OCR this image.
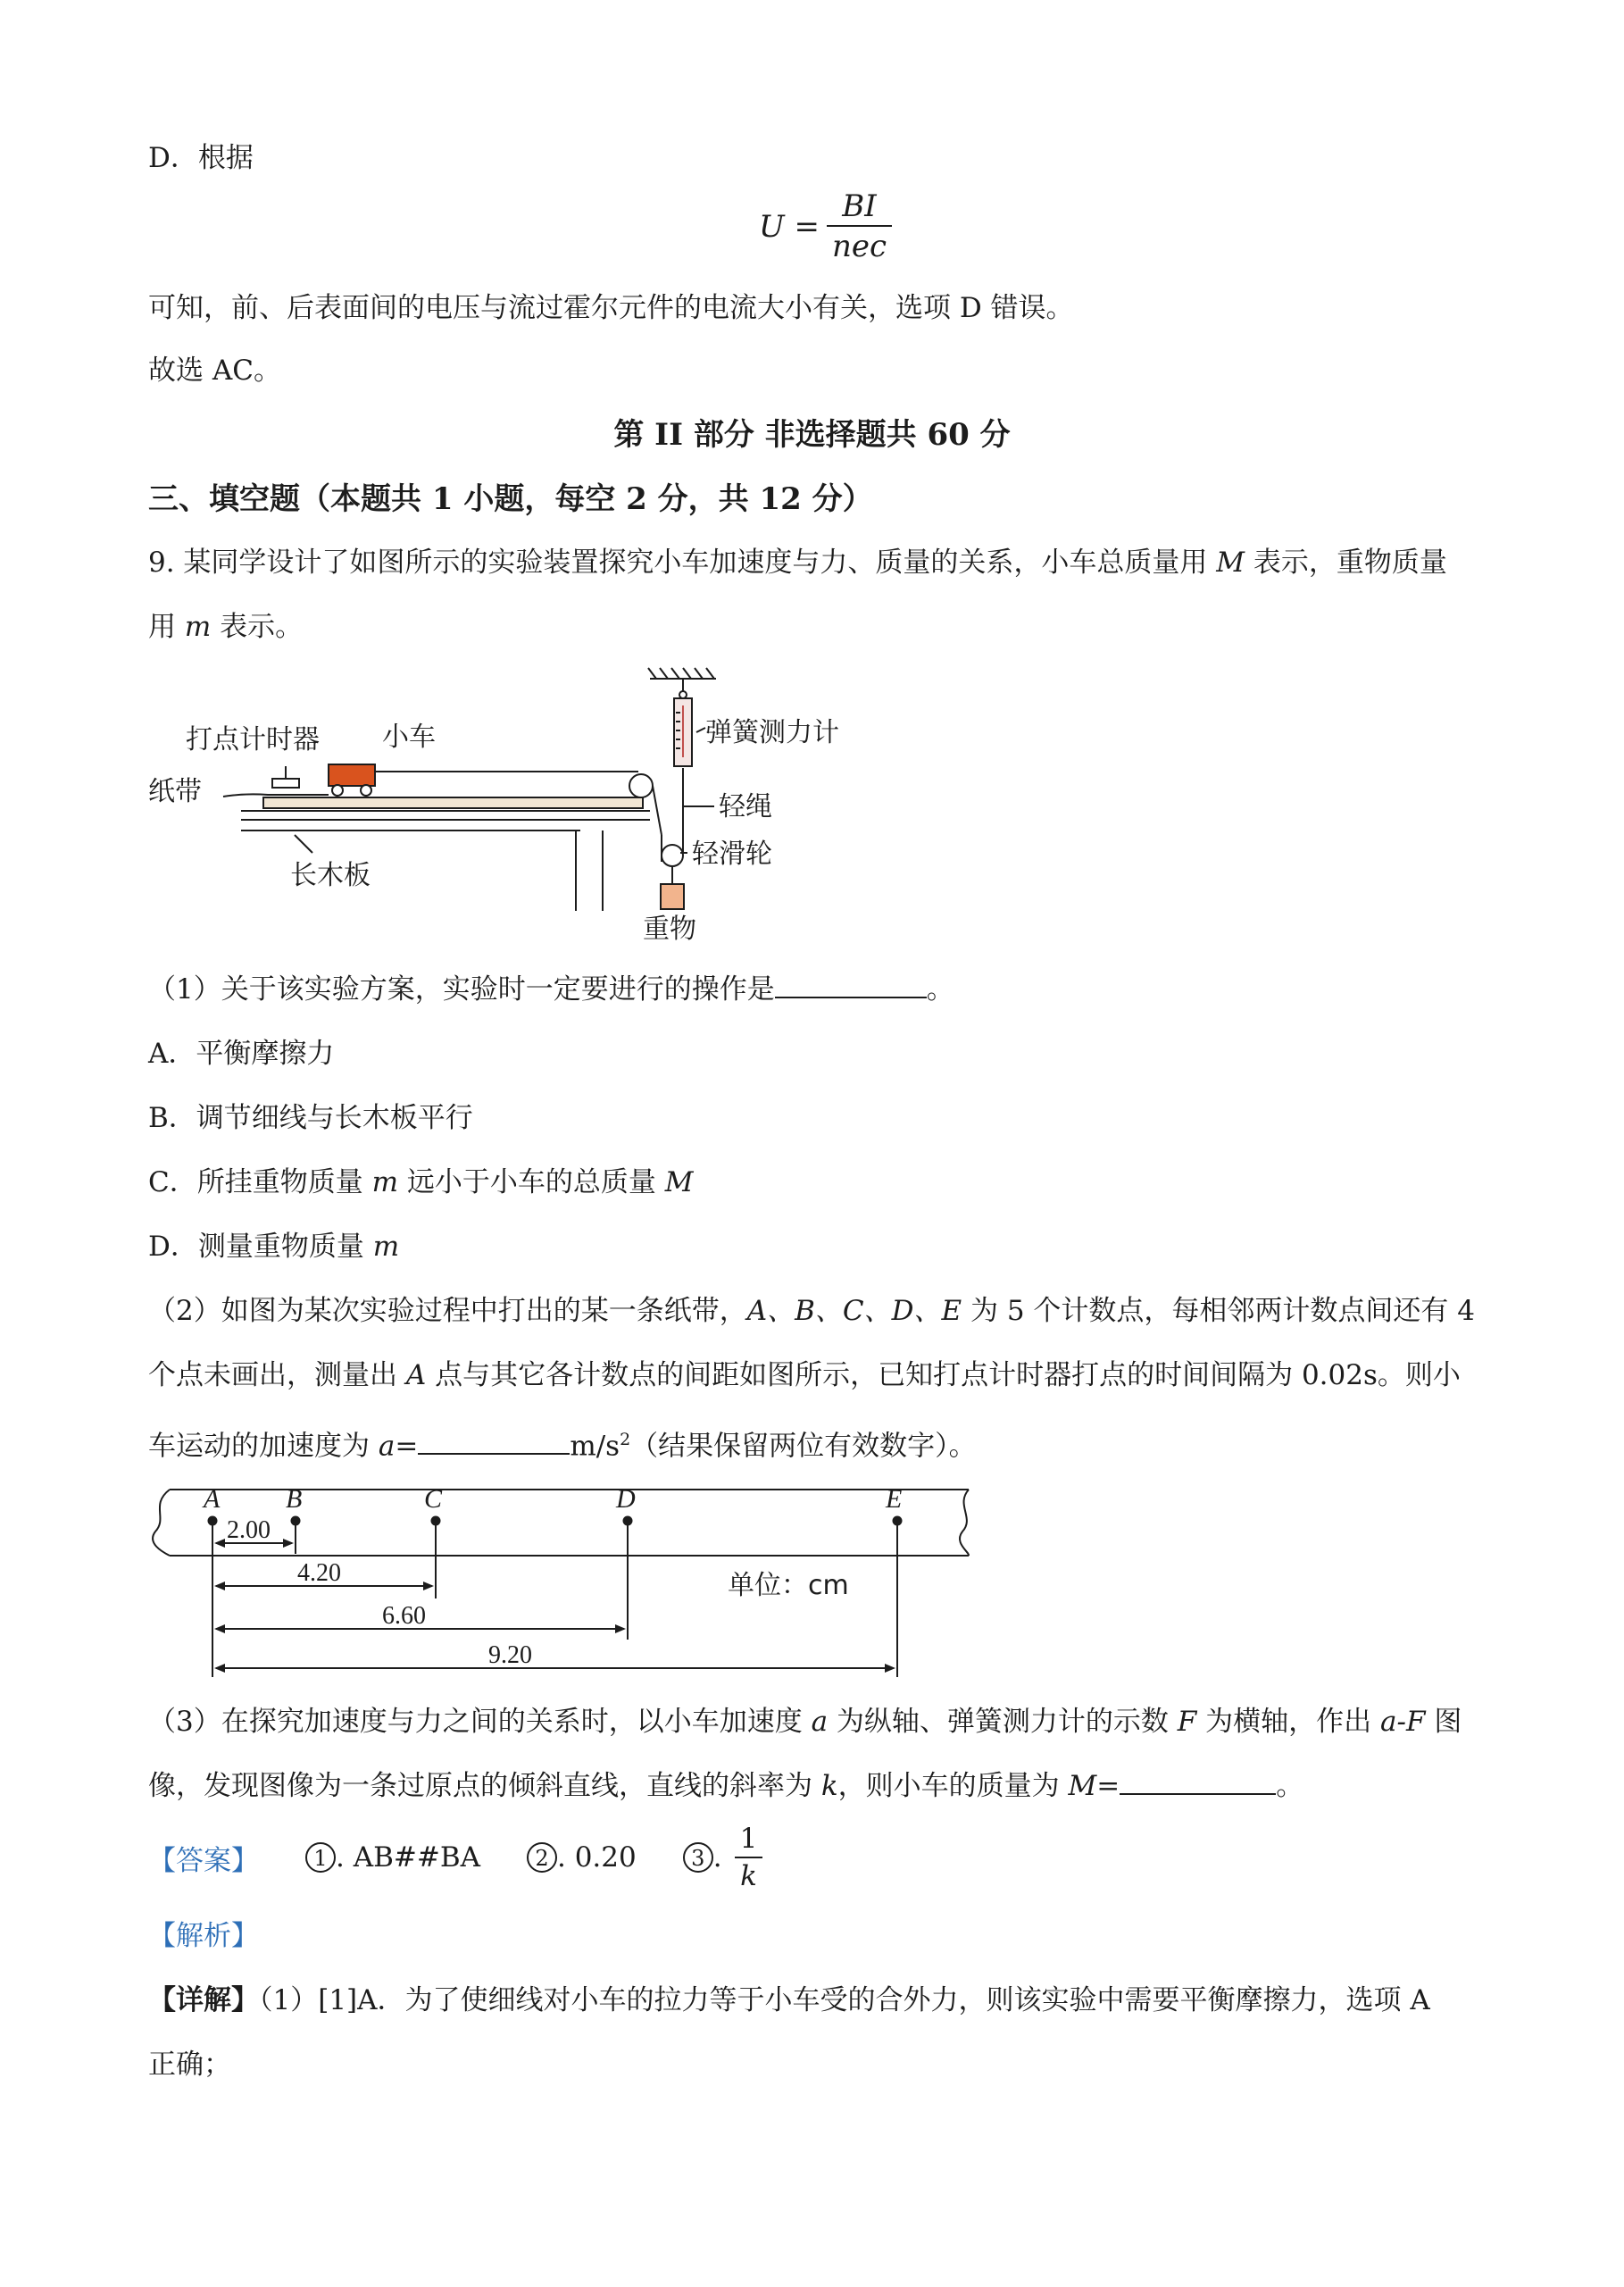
D．根据
$U = \frac{BI}{\text{nec}}$
可知，前、后表面间的电压与流过霍尔元件的电流大小有关，选项 D 错误。
故选 AC。
第 II 部分 非选择题共 60 分
三、填空题（本题共 1 小题，每空 2 分，共 12 分）
9. 某同学设计了如图所示的实验装置探究小车加速度与力、质量的关系，小车总质量用 M 表示，重物质量
用 m 表示。
打点计时器 小车
纸带
长木板
弹簧测力计
轻绳
轻滑轮
重物
（1）关于该实验方案，实验时一定要进行的操作是	。
A．平衡摩擦力
B．调节细线与长木板平行
C．所挂重物质量 m 远小于小车的总质量 M
D．测量重物质量 m
（2）如图为某次实验过程中打出的某一条纸带，A、B、C、D、E 为 5 个计数点，每相邻两计数点间还有 4
个点未画出，测量出 A 点与其它各计数点的间距如图所示，已知打点计时器打点的时间间隔为 0.02s。则小
车运动的加速度为 a=	$m/s^2$（结果保留两位有效数字）。
A B	C	D	E
2.00
4.20
6.60
9.20
单位：cm
（3）在探究加速度与力之间的关系时，以小车加速度 a 为纵轴、弹簧测力计的示数 F 为横轴，作出 a-F 图
像，发现图像为一条过原点的倾斜直线，直线的斜率为 k，则小车的质量为 M=	。
【答案】	1 . AB##BA	2 . 0.20	3 . $\frac{1}{k}$
【解析】
【详解】（1）[1]A．为了使细线对小车的拉力等于小车受的合外力，则该实验中需要平衡摩擦力，选项 A
正确；
